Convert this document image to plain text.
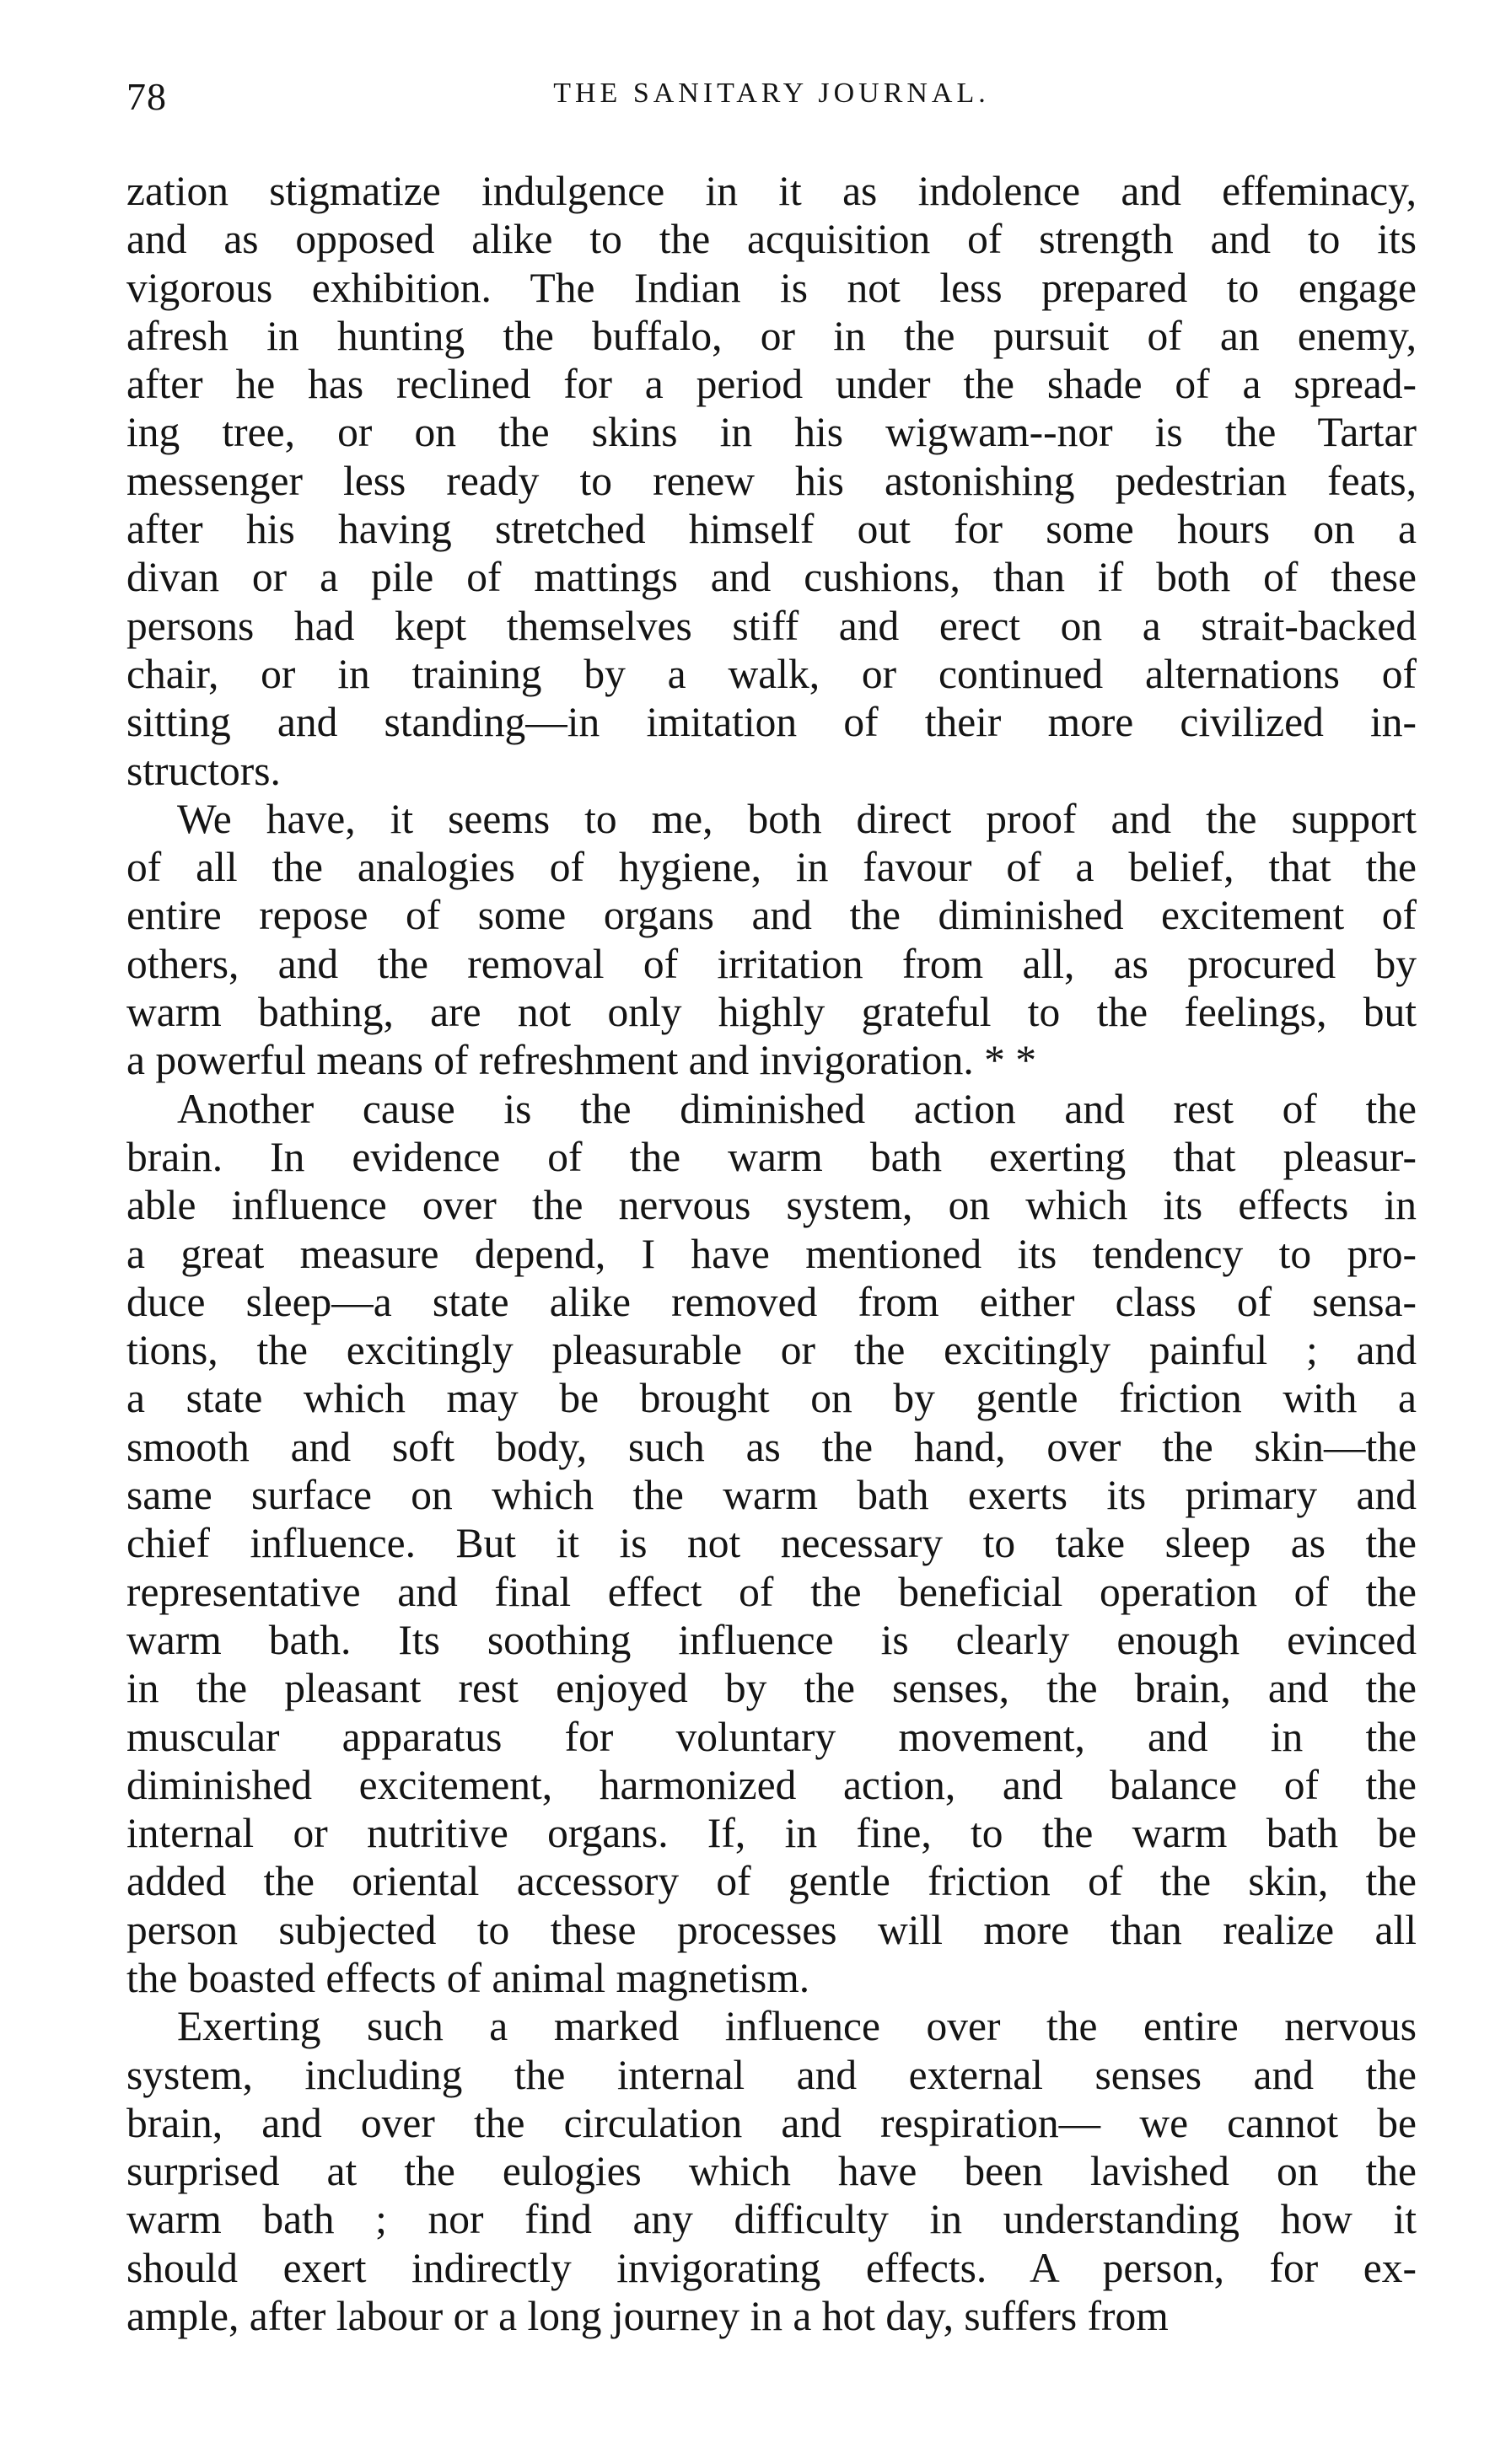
78	THE SANITARY JOURNAL.
zation stigmatize indulgence in it as indolence and effeminacy,
and as opposed alike to the acquisition of strength and to its
vigorous exhibition. The Indian is not less prepared to engage
afresh in hunting the buffalo, or in the pursuit of an enemy,
after he has reclined for a period under the shade of a spread-
ing tree, or on the skins in his wigwam--nor is the Tartar
messenger less ready to renew his astonishing pedestrian feats,
after his having stretched himself out for some hours on a
divan or a pile of mattings and cushions, than if both of these
persons had kept themselves stiff and erect on a strait-backed
chair, or in training by a walk, or continued alternations of
sitting and standing—in imitation of their more civilized in-
structors.
We have, it seems to me, both direct proof and the support
of all the analogies of hygiene, in favour of a belief, that the
entire repose of some organs and the diminished excitement of
others, and the removal of irritation from all, as procured by
warm bathing, are not only highly grateful to the feelings, but
a powerful means of refreshment and invigoration. * *
Another cause is the diminished action and rest of the
brain. In evidence of the warm bath exerting that pleasur-
able influence over the nervous system, on which its effects in
a great measure depend, I have mentioned its tendency to pro-
duce sleep—a state alike removed from either class of sensa-
tions, the excitingly pleasurable or the excitingly painful ; and
a state which may be brought on by gentle friction with a
smooth and soft body, such as the hand, over the skin—the
same surface on which the warm bath exerts its primary and
chief influence. But it is not necessary to take sleep as the
representative and final effect of the beneficial operation of the
warm bath. Its soothing influence is clearly enough evinced
in the pleasant rest enjoyed by the senses, the brain, and the
muscular apparatus for voluntary movement, and in the
diminished excitement, harmonized action, and balance of the
internal or nutritive organs. If, in fine, to the warm bath be
added the oriental accessory of gentle friction of the skin, the
person subjected to these processes will more than realize all
the boasted effects of animal magnetism.
Exerting such a marked influence over the entire nervous
system, including the internal and external senses and the
brain, and over the circulation and respiration— we cannot be
surprised at the eulogies which have been lavished on the
warm bath ; nor find any difficulty in understanding how it
should exert indirectly invigorating effects. A person, for ex-
ample, after labour or a long journey in a hot day, suffers from
